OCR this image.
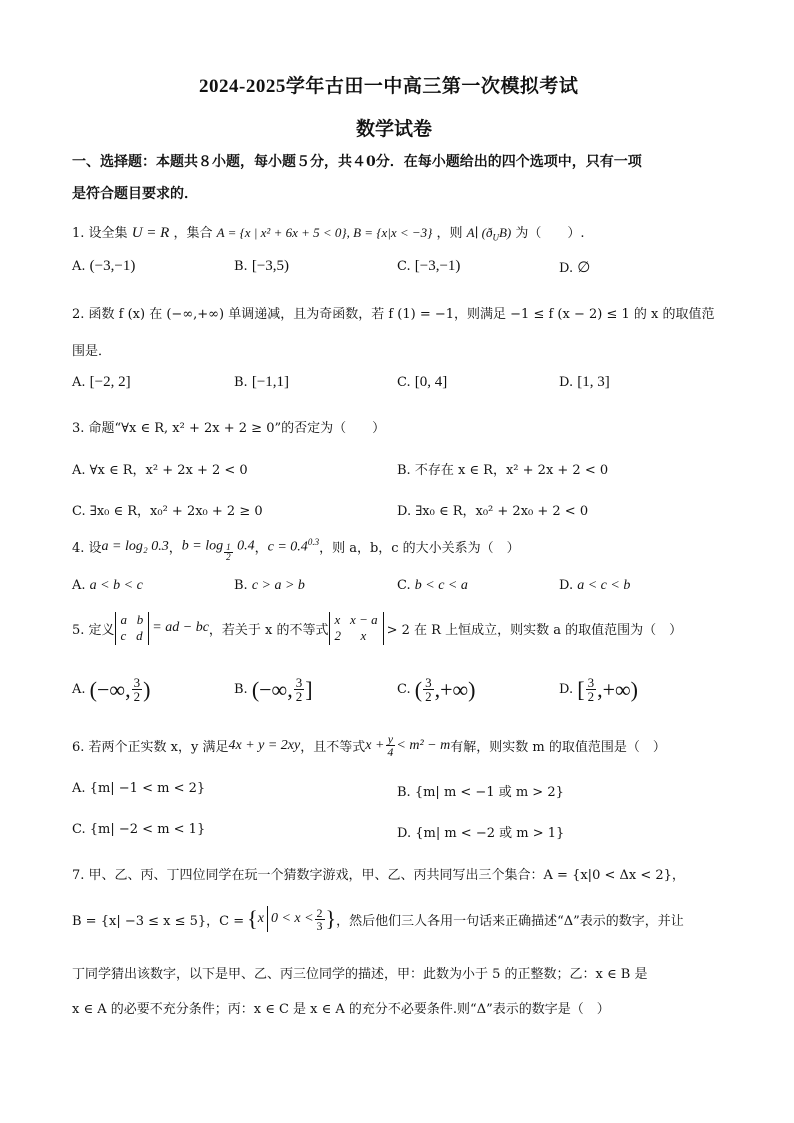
2024-2025学年古田一中高三第一次模拟考试
数学试卷
一、选择题：本题共８小题，每小题５分，共４0分．在每小题给出的四个选项中，只有一项
是符合题目要求的．
1. 设全集 U = R ，集合 A = {x | x² + 6x + 5 < 0}, B = {x|x < −3} ，则 A∣ $(ð_UB)$ 为（　　）.
A. (−3,−1)	B. [−3,5)	C. [−3,−1)	D. ∅
2. 函数 f (x) 在 (−∞,+∞) 单调递减，且为奇函数，若 f (1) = −1，则满足 −1 ≤ f (x − 2) ≤ 1 的 x 的取值范
围是．
A. [−2, 2]	B. [−1,1]	C. [0, 4]	D. [1, 3]
3. 命题“∀x ∈ R, x² + 2x + 2 ≥ 0”的否定为（　　）
A. ∀x ∈ R，x² + 2x + 2 < 0	B. 不存在 x ∈ R，x² + 2x + 2 < 0
C. ∃x₀ ∈ R，x₀² + 2x₀ + 2 ≥ 0	D. ∃x₀ ∈ R，x₀² + 2x₀ + 2 < 0
4. 设 a = log₂ 0.3 ， $b = \log \frac{1}{2} 0.4$ ， $c = 0.4^{0.3}$ ，则 a，b，c 的大小关系为（　）
A. a < b < c	B. c > a > b	C. b < c < a	D. a < c < b
5. 定义
a b
c d
= ad − bc ，若关于 x 的不等式
x x − a
2 x	> 2 在 R 上恒成立，则实数 a 的取值范围为（　）
A.
(−∞, $\frac{3}{2}$ )	B.
(−∞, $\frac{3}{2}$ ]	C.
( $\frac{3}{2}$ ,+∞)	D.
[ $\frac{3}{2}$ ,+∞)
6. 若两个正实数 x，y 满足 4x + y = 2xy ，且不等式 $x + \frac{y}{4} < m^2 - m$ 有解，则实数 m 的取值范围是（　）
A. {m| −1 < m < 2}	B. {m| m < −1 或 m > 2}
C. {m| −2 < m < 1}	D. {m| m < −2 或 m > 1}
7. 甲、乙、丙、丁四位同学在玩一个猜数字游戏，甲、乙、丙共同写出三个集合：A = {x|0 < Δx < 2}，
B = {x| −3 ≤ x ≤ 5}，C = { x $0 < x < \frac{2}{3}$ } ，然后他们三人各用一句话来正确描述“Δ”表示的数字，并让
丁同学猜出该数字，以下是甲、乙、丙三位同学的描述，甲：此数为小于 5 的正整数；乙：x ∈ B 是
x ∈ A 的必要不充分条件；丙：x ∈ C 是 x ∈ A 的充分不必要条件.则“Δ”表示的数字是（　）
